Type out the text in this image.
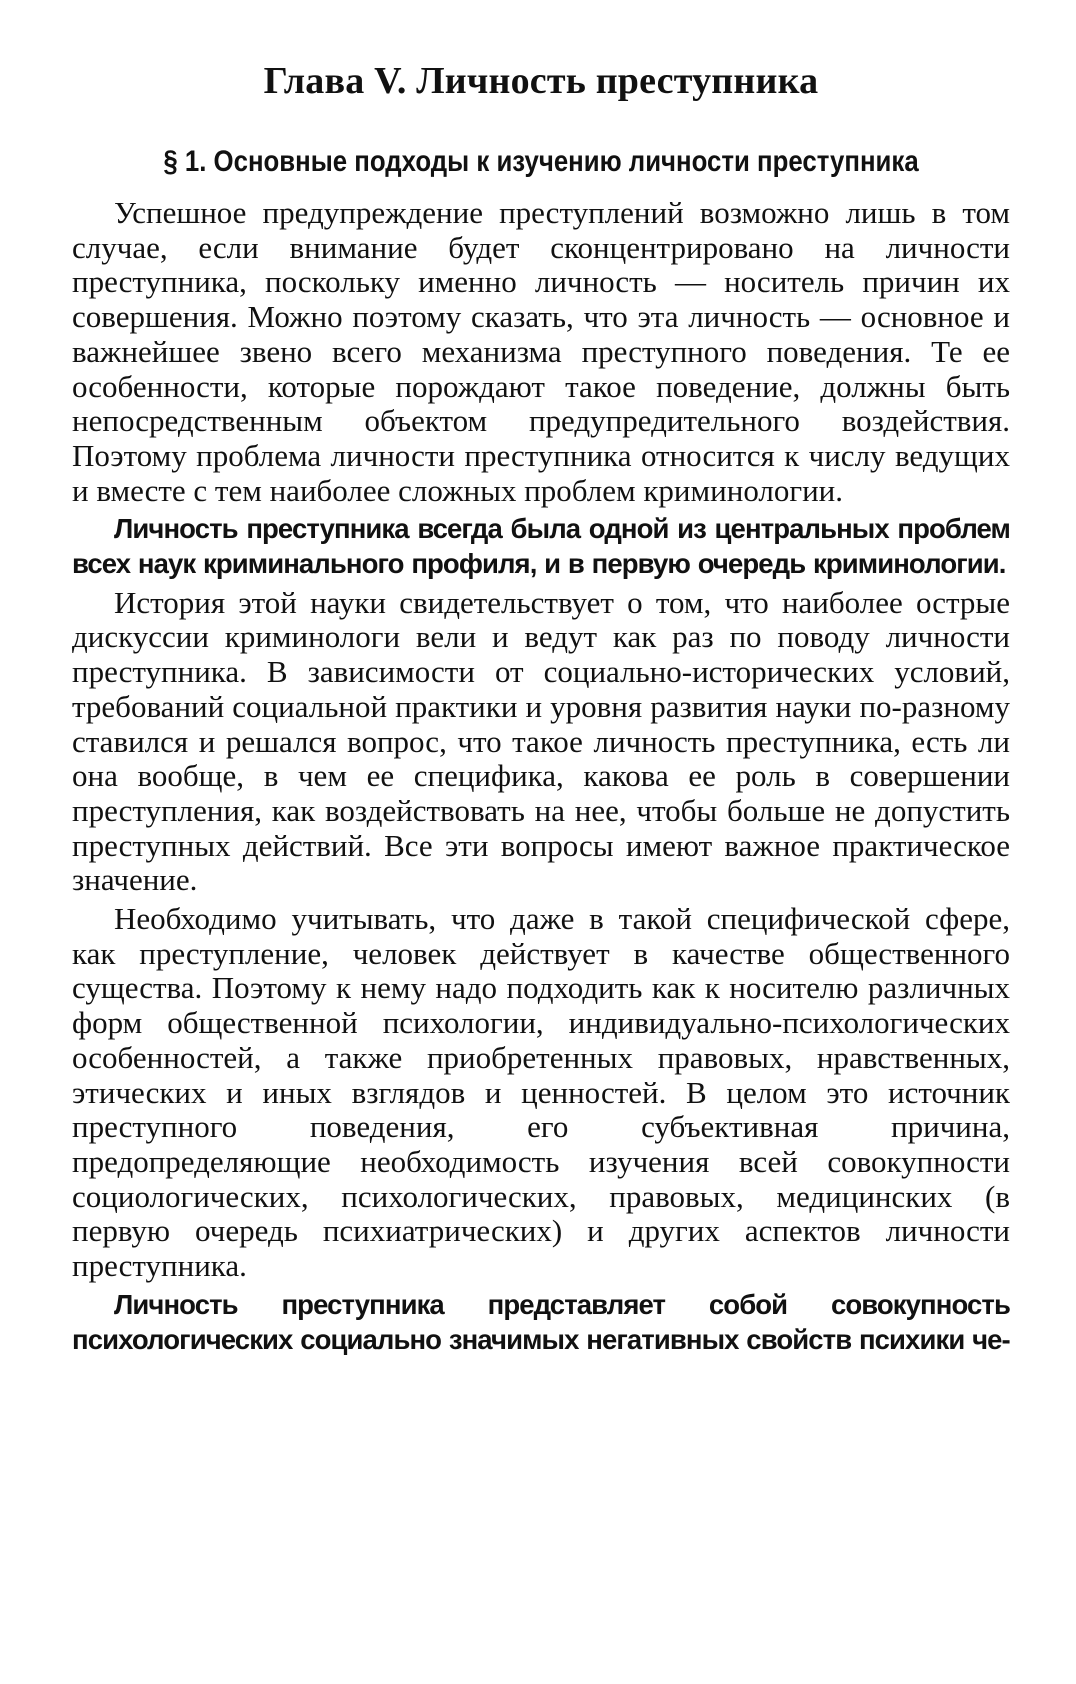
Глава V. Личность преступника
§ 1. Основные подходы к изучению личности преступника

Успешное предупреждение преступлений возможно лишь в том случае, если внимание будет сконцентрировано на личности преступника, поскольку именно личность — носитель причин их совершения. Можно поэтому сказать, что эта личность — основное и важнейшее звено всего механизма преступного поведения. Те ее особенности, которые порождают такое поведение, должны быть непосредственным объектом предупредительного воздействия. Поэтому проблема личности преступника относится к числу ведущих и вместе с тем наиболее сложных проблем криминологии.

Личность преступника всегда была одной из центральных проблем всех наук криминального профиля, и в первую очередь криминологии.

История этой науки свидетельствует о том, что наиболее острые дискуссии криминологи вели и ведут как раз по поводу личности преступника. В зависимости от социально-исторических условий, требований социальной практики и уровня развития науки по-разному ставился и решался вопрос, что такое личность преступника, есть ли она вообще, в чем ее специфика, какова ее роль в совершении преступления, как воздействовать на нее, чтобы больше не допустить преступных действий. Все эти вопросы имеют важное практическое значение.

Необходимо учитывать, что даже в такой специфической сфере, как преступление, человек действует в качестве общественного существа. Поэтому к нему надо подходить как к носителю различных форм общественной психологии, индивидуально-психологических особенностей, а также приобретенных правовых, нравственных, этических и иных взглядов и ценностей. В целом это источник преступного поведения, его субъективная причина, предопределяющие необходимость изучения всей совокупности социологических, психологических, правовых, медицинских (в первую очередь психиатрических) и других аспектов личности преступника.

Личность преступника представляет собой совокупность психологических социально значимых негативных свойств психики че-
